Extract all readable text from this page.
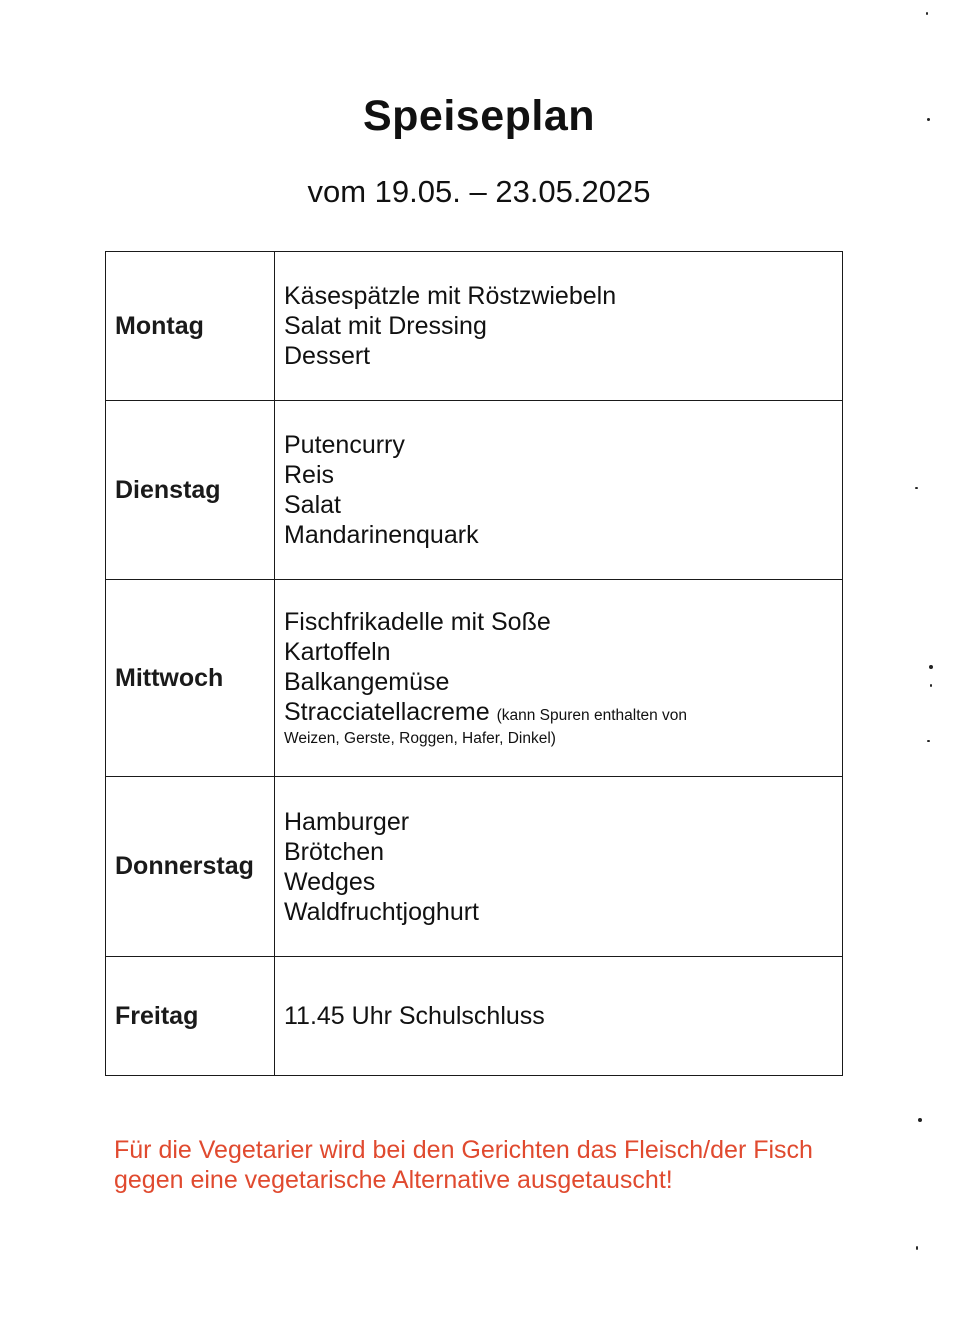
Speiseplan
vom 19.05. – 23.05.2025
Montag	Käsespätzle mit Röstzwiebeln
Salat mit Dressing
Dessert

Dienstag	Putencurry
Reis
Salat
Mandarinenquark

Mittwoch	Fischfrikadelle mit Soße
Kartoffeln
Balkangemüse
Stracciatellacreme (kann Spuren enthalten von
Weizen, Gerste, Roggen, Hafer, Dinkel)

Donnerstag	Hamburger
Brötchen
Wedges
Waldfruchtjoghurt

Freitag	11.45 Uhr Schulschluss
Für die Vegetarier wird bei den Gerichten das Fleisch/der Fisch
gegen eine vegetarische Alternative ausgetauscht!
